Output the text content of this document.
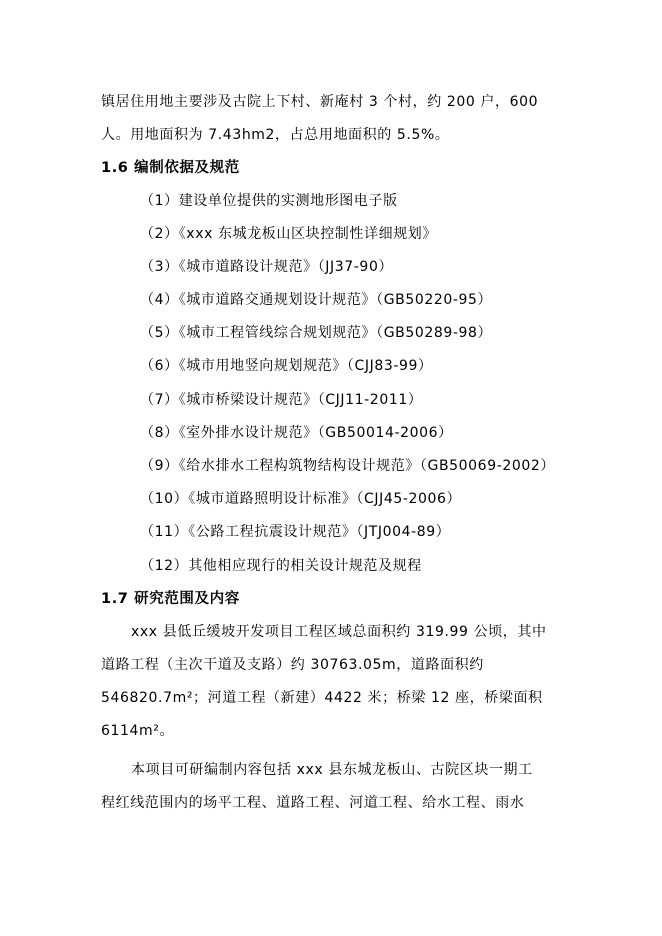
镇居住用地主要涉及古院上下村、新庵村 3 个村，约 200 户，600
人。用地面积为 7.43hm2，占总用地面积的 5.5%。
1.6 编制依据及规范
（1）建设单位提供的实测地形图电子版
（2）《xxx 东城龙板山区块控制性详细规划》
（3）《城市道路设计规范》（JJ37-90）
（4）《城市道路交通规划设计规范》（GB50220-95）
（5）《城市工程管线综合规划规范》（GB50289-98）
（6）《城市用地竖向规划规范》（CJJ83-99）
（7）《城市桥梁设计规范》（CJJ11-2011）
（8）《室外排水设计规范》（GB50014-2006）
（9）《给水排水工程构筑物结构设计规范》（GB50069-2002）
（10）《城市道路照明设计标准》（CJJ45-2006）
（11）《公路工程抗震设计规范》（JTJ004-89）
（12）其他相应现行的相关设计规范及规程
1.7 研究范围及内容
xxx 县低丘缓坡开发项目工程区域总面积约 319.99 公顷，其中
道路工程（主次干道及支路）约 30763.05m，道路面积约
546820.7m²；河道工程（新建）4422 米；桥梁 12 座，桥梁面积
6114m²。
本项目可研编制内容包括 xxx 县东城龙板山、古院区块一期工
程红线范围内的场平工程、道路工程、河道工程、给水工程、雨水
